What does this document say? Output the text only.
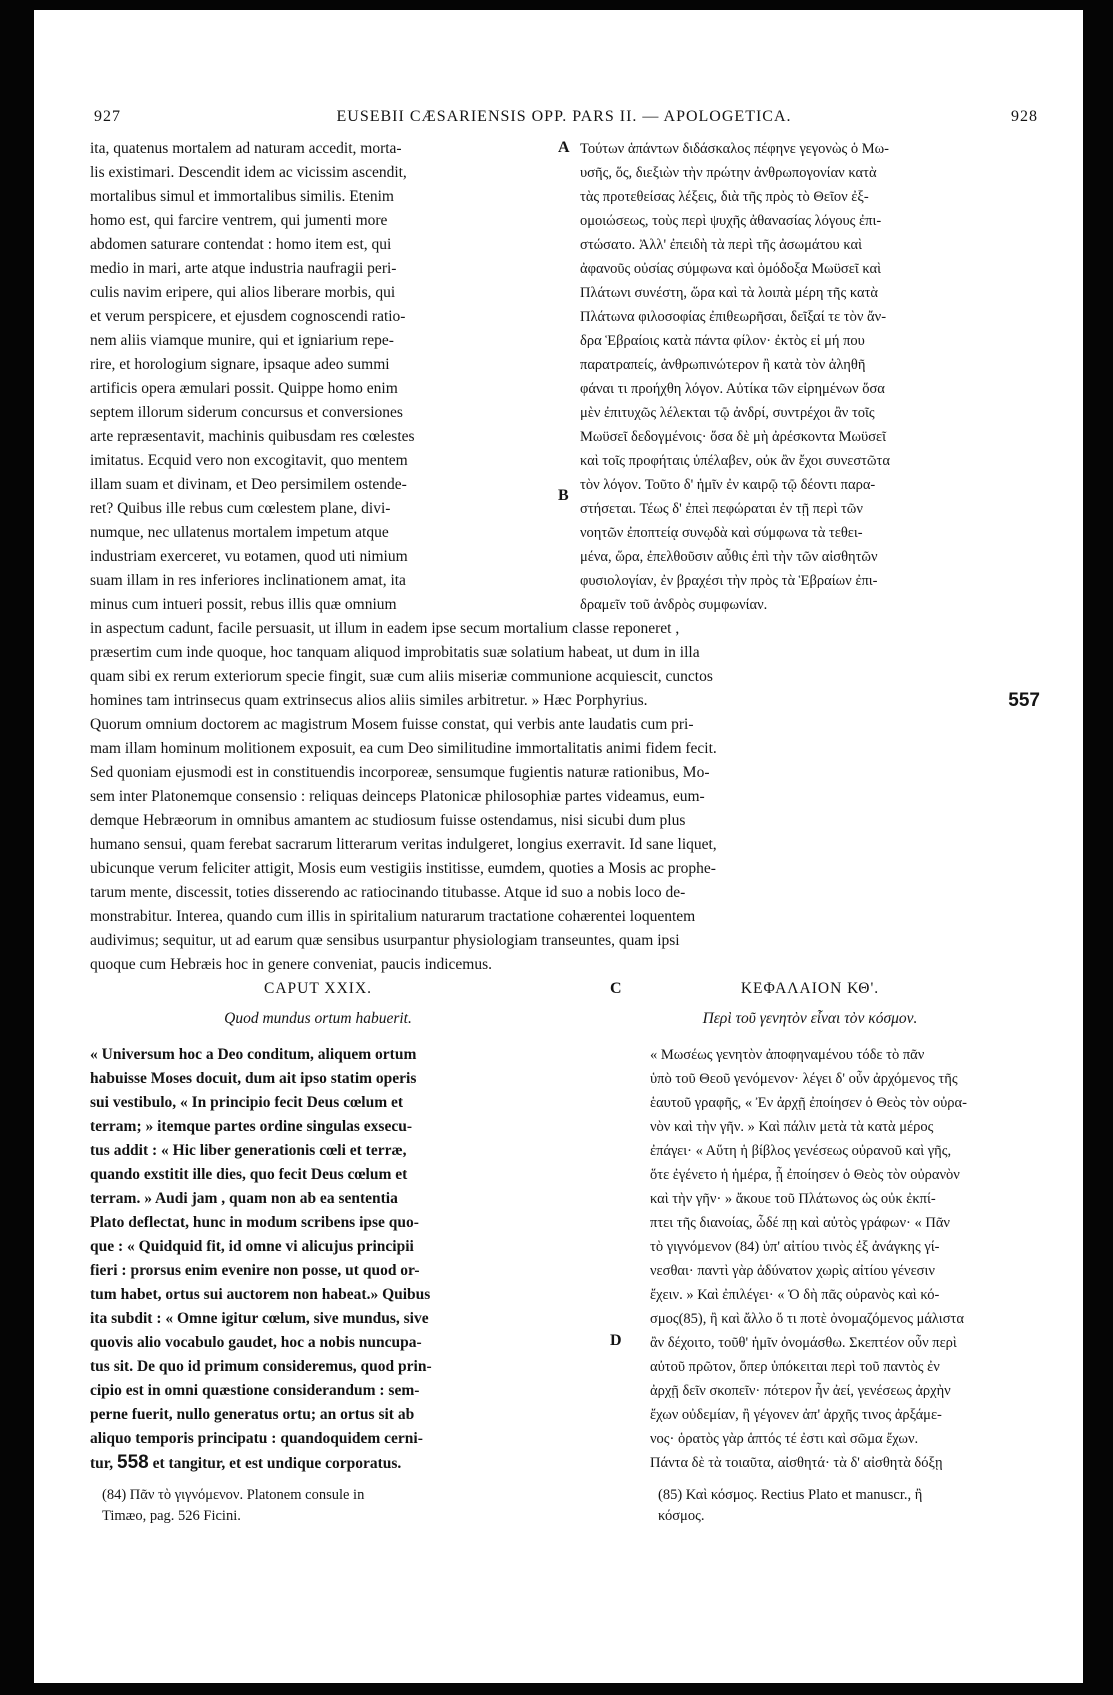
927	EUSEBII CÆSARIENSIS OPP. PARS II. — APOLOGETICA.	928
ita, quatenus mortalem ad naturam accedit, morta-
lis existimari. Descendit idem ac vicissim ascendit,
mortalibus simul et immortalibus similis. Etenim
homo est, qui farcire ventrem, qui jumenti more
abdomen saturare contendat : homo item est, qui
medio in mari, arte atque industria naufragii peri-
culis navim eripere, qui alios liberare morbis, qui
et verum perspicere, et ejusdem cognoscendi ratio-
nem aliis viamque munire, qui et igniarium repe-
rire, et horologium signare, ipsaque adeo summi
artificis opera æmulari possit. Quippe homo enim
septem illorum siderum concursus et conversiones
arte repræsentavit, machinis quibusdam res cœlestes
imitatus. Ecquid vero non excogitavit, quo mentem
illam suam et divinam, et Deo persimilem ostende-
ret? Quibus ille rebus cum cœlestem plane, divi-
numque, nec ullatenus mortalem impetum atque
industriam exerceret, vu ɐotamen, quod uti nimium
suam illam in res inferiores inclinationem amat, ita
minus cum intueri possit, rebus illis quæ omnium
A
B
Τούτων ἁπάντων διδάσκαλος πέφηνε γεγονὼς ὁ Μω-
υσῆς, ὅς, διεξιὼν τὴν πρώτην ἀνθρωπογονίαν κατὰ
τὰς προτεθείσας λέξεις, διὰ τῆς πρὸς τὸ Θεῖον ἐξ-
ομοιώσεως, τοὺς περὶ ψυχῆς ἀθανασίας λόγους ἐπι-
στώσατο. Ἀλλ' ἐπειδὴ τὰ περὶ τῆς ἀσωμάτου καὶ
ἀφανοῦς οὐσίας σύμφωνα καὶ ὁμόδοξα Μωϋσεῖ καὶ
Πλάτωνι συνέστη, ὥρα καὶ τὰ λοιπὰ μέρη τῆς κατὰ
Πλάτωνα φιλοσοφίας ἐπιθεωρῆσαι, δεῖξαί τε τὸν ἄν-
δρα Ἑβραίοις κατὰ πάντα φίλον· ἐκτὸς εἰ μή που
παρατραπείς, ἀνθρωπινώτερον ἢ κατὰ τὸν ἀληθῆ
φάναι τι προήχθη λόγον. Αὐτίκα τῶν εἰρημένων ὅσα
μὲν ἐπιτυχῶς λέλεκται τῷ ἀνδρί, συντρέχοι ἂν τοῖς
Μωϋσεῖ δεδογμένοις· ὅσα δὲ μὴ ἀρέσκοντα Μωϋσεῖ
καὶ τοῖς προφήταις ὑπέλαβεν, οὐκ ἂν ἔχοι συνεστῶτα
τὸν λόγον. Τοῦτο δ' ἡμῖν ἐν καιρῷ τῷ δέοντι παρα-
στήσεται. Τέως δ' ἐπεὶ πεφώραται ἐν τῇ περὶ τῶν
νοητῶν ἐποπτείᾳ συνῳδὰ καὶ σύμφωνα τὰ τεθει-
μένα, ὥρα, ἐπελθοῦσιν αὖθις ἐπὶ τὴν τῶν αἰσθητῶν
φυσιολογίαν, ἐν βραχέσι τὴν πρὸς τὰ Ἑβραίων ἐπι-
δραμεῖν τοῦ ἀνδρὸς συμφωνίαν.
in aspectum cadunt, facile persuasit, ut illum in eadem ipse secum mortalium classe reponeret ,
præsertim cum inde quoque, hoc tanquam aliquod improbitatis suæ solatium habeat, ut dum in illa
quam sibi ex rerum exteriorum specie fingit, suæ cum aliis miseriæ communione acquiescit, cunctos
homines tam intrinsecus quam extrinsecus alios aliis similes arbitretur. » Hæc Porphyrius.	557
Quorum omnium doctorem ac magistrum Mosem fuisse constat, qui verbis ante laudatis cum pri-
mam illam hominum molitionem exposuit, ea cum Deo similitudine immortalitatis animi fidem fecit.
Sed quoniam ejusmodi est in constituendis incorporeæ, sensumque fugientis naturæ rationibus, Mo-
sem inter Platonemque consensio : reliquas deinceps Platonicæ philosophiæ partes videamus, eum-
demque Hebræorum in omnibus amantem ac studiosum fuisse ostendamus, nisi sicubi dum plus
humano sensui, quam ferebat sacrarum litterarum veritas indulgeret, longius exerravit. Id sane liquet,
ubicunque verum feliciter attigit, Mosis eum vestigiis institisse, eumdem, quoties a Mosis ac prophe-
tarum mente, discessit, toties disserendo ac ratiocinando titubasse. Atque id suo a nobis loco de-
monstrabitur. Interea, quando cum illis in spiritalium naturarum tractatione cohærentei loquentem
audivimus; sequitur, ut ad earum quæ sensibus usurpantur physiologiam transeuntes, quam ipsi
quoque cum Hebræis hoc in genere conveniat, paucis indicemus.
CAPUT XXIX.	C	ΚΕΦΑΛΑΙΟΝ ΚΘ'.
Quod mundus ortum habuerit.	Περὶ τοῦ γενητὸν εἶναι τὸν κόσμον.
« Universum hoc a Deo conditum, aliquem ortum
habuisse Moses docuit, dum ait ipso statim operis
sui vestibulo, « In principio fecit Deus cœlum et
terram; » itemque partes ordine singulas exsecu-
tus addit : « Hic liber generationis cœli et terræ,
quando exstitit ille dies, quo fecit Deus cœlum et
terram. » Audi jam , quam non ab ea sententia
Plato deflectat, hunc in modum scribens ipse quo-
que : « Quidquid fit, id omne vi alicujus principii
fieri : prorsus enim evenire non posse, ut quod or-
tum habet, ortus sui auctorem non habeat.» Quibus
ita subdit : « Omne igitur cœlum, sive mundus, sive
quovis alio vocabulo gaudet, hoc a nobis nuncupa-
tus sit. De quo id primum consideremus, quod prin-
cipio est in omni quæstione considerandum : sem-
perne fuerit, nullo generatus ortu; an ortus sit ab
aliquo temporis principatu : quandoquidem cerni-
tur, 558 et tangitur, et est undique corporatus.
D
« Μωσέως γενητὸν ἀποφηναμένου τόδε τὸ πᾶν
ὑπὸ τοῦ Θεοῦ γενόμενον· λέγει δ' οὖν ἀρχόμενος τῆς
ἑαυτοῦ γραφῆς, « Ἐν ἀρχῇ ἐποίησεν ὁ Θεὸς τὸν οὐρα-
νὸν καὶ τὴν γῆν. » Καὶ πάλιν μετὰ τὰ κατὰ μέρος
ἐπάγει· « Αὕτη ἡ βίβλος γενέσεως οὐρανοῦ καὶ γῆς,
ὅτε ἐγένετο ἡ ἡμέρα, ᾗ ἐποίησεν ὁ Θεὸς τὸν οὐρανὸν
καὶ τὴν γῆν· » ἄκουε τοῦ Πλάτωνος ὡς οὐκ ἐκπί-
πτει τῆς διανοίας, ὧδέ πῃ καὶ αὐτὸς γράφων· « Πᾶν
τὸ γιγνόμενον (84) ὑπ' αἰτίου τινὸς ἐξ ἀνάγκης γί-
νεσθαι· παντὶ γὰρ ἀδύνατον χωρὶς αἰτίου γένεσιν
ἔχειν. » Καὶ ἐπιλέγει· « Ὁ δὴ πᾶς οὐρανὸς καὶ κό-
σμος(85), ἢ καὶ ἄλλο ὅ τι ποτὲ ὀνομαζόμενος μάλιστα
ἂν δέχοιτο, τοῦθ' ἡμῖν ὀνομάσθω. Σκεπτέον οὖν περὶ
αὐτοῦ πρῶτον, ὅπερ ὑπόκειται περὶ τοῦ παντὸς ἐν
ἀρχῇ δεῖν σκοπεῖν· πότερον ἦν ἀεί, γενέσεως ἀρχὴν
ἔχων οὐδεμίαν, ἢ γέγονεν ἀπ' ἀρχῆς τινος ἀρξάμε-
νος· ὁρατὸς γὰρ ἁπτός τέ ἐστι καὶ σῶμα ἔχων.
Πάντα δὲ τὰ τοιαῦτα, αἰσθητά· τὰ δ' αἰσθητὰ δόξῃ
(84) Πᾶν τὸ γιγνόμενον. Platonem consule in
Timæo, pag. 526 Ficini.
(85) Καὶ κόσμος. Rectius Plato et manuscr., ἢ
κόσμος.
